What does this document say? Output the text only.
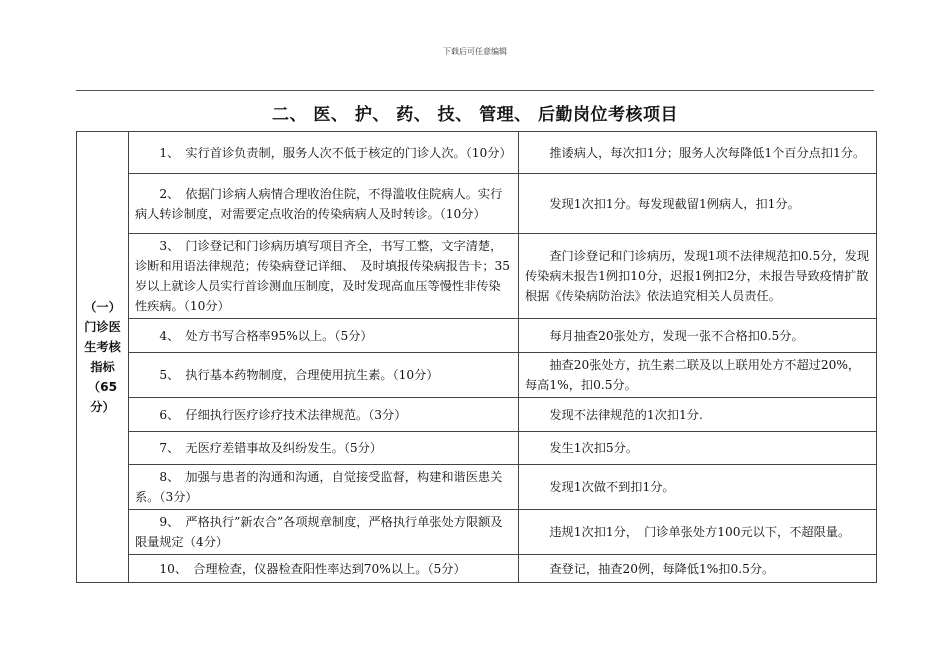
下载后可任意编辑
二、 医、 护、 药、 技、 管理、 后勤岗位考核项目
（一）门诊医生考核指标（65分）	　　1、　实行首诊负责制，服务人次不低于核定的门诊人次。（10分）	　　推诿病人，每次扣1分；服务人次每降低1个百分点扣1分。
	　　2、　依据门诊病人病情合理收治住院，不得滥收住院病人。实行病人转诊制度，对需要定点收治的传染病病人及时转诊。（10分）	　　发现1次扣1分。每发现截留1例病人，扣1分。
	　　3、　门诊登记和门诊病历填写项目齐全，书写工整，文字清楚，诊断和用语法律规范；传染病登记详细、　及时填报传染病报告卡；35岁以上就诊人员实行首诊测血压制度，及时发现高血压等慢性非传染性疾病。（10分）	　　查门诊登记和门诊病历，发现1项不法律规范扣0.5分，发现传染病未报告1例扣10分，迟报1例扣2分，未报告导致疫情扩散根据《传染病防治法》依法追究相关人员责任。
	　　4、　处方书写合格率95%以上。（5分）	　　每月抽查20张处方，发现一张不合格扣0.5分。
	　　5、　执行基本药物制度，合理使用抗生素。（10分）	　　抽查20张处方，抗生素二联及以上联用处方不超过20%，每高1%，扣0.5分。
	　　6、　仔细执行医疗诊疗技术法律规范。（3分）	　　发现不法律规范的1次扣1分.
	　　7、　无医疗差错事故及纠纷发生。（5分）	　　发生1次扣5分。
	　　8、　加强与患者的沟通和沟通，自觉接受监督，构建和谐医患关系。（3分）	　　发现1次做不到扣1分。
	　　9、　严格执行”新农合”各项规章制度，严格执行单张处方限额及限量规定（4分）	　　违规1次扣1分，　门诊单张处方100元以下，不超限量。
	　　10、　合理检查，仪器检查阳性率达到70%以上。（5分）	　　查登记，抽查20例，每降低1%扣0.5分。
